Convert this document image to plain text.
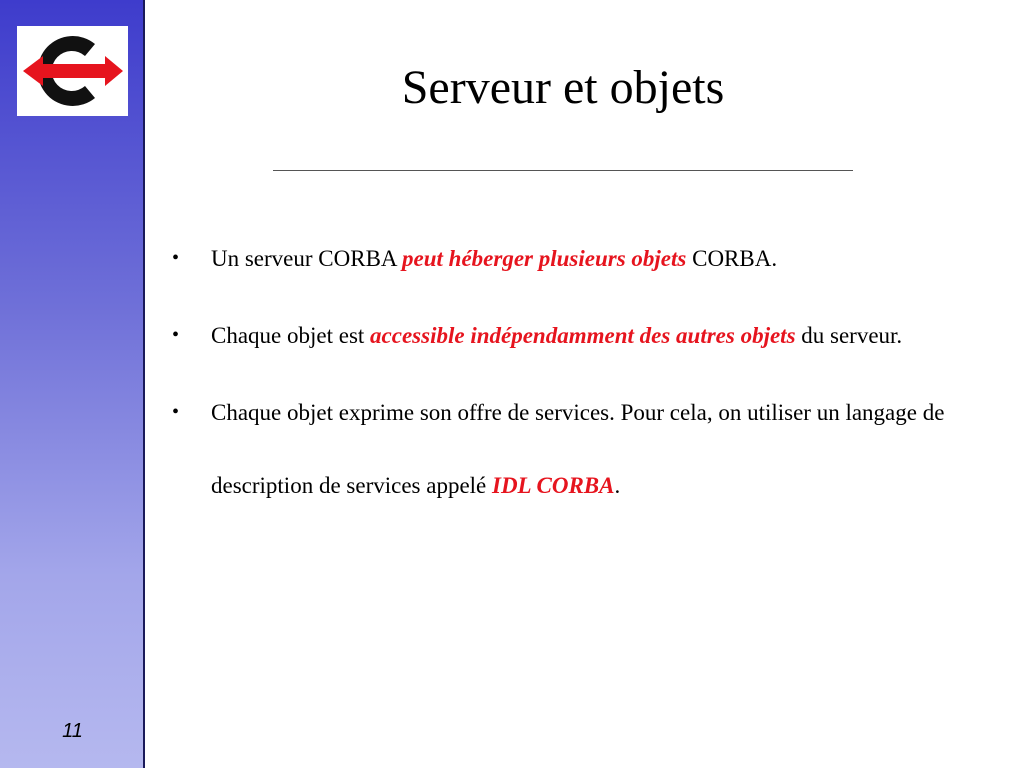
11
Serveur et objets
• Un serveur CORBA peut héberger plusieurs objets CORBA.
• Chaque objet est accessible indépendamment des autres objets du serveur.
• Chaque objet exprime son offre de services. Pour cela, on utiliser un langage de description de services appelé IDL CORBA.
